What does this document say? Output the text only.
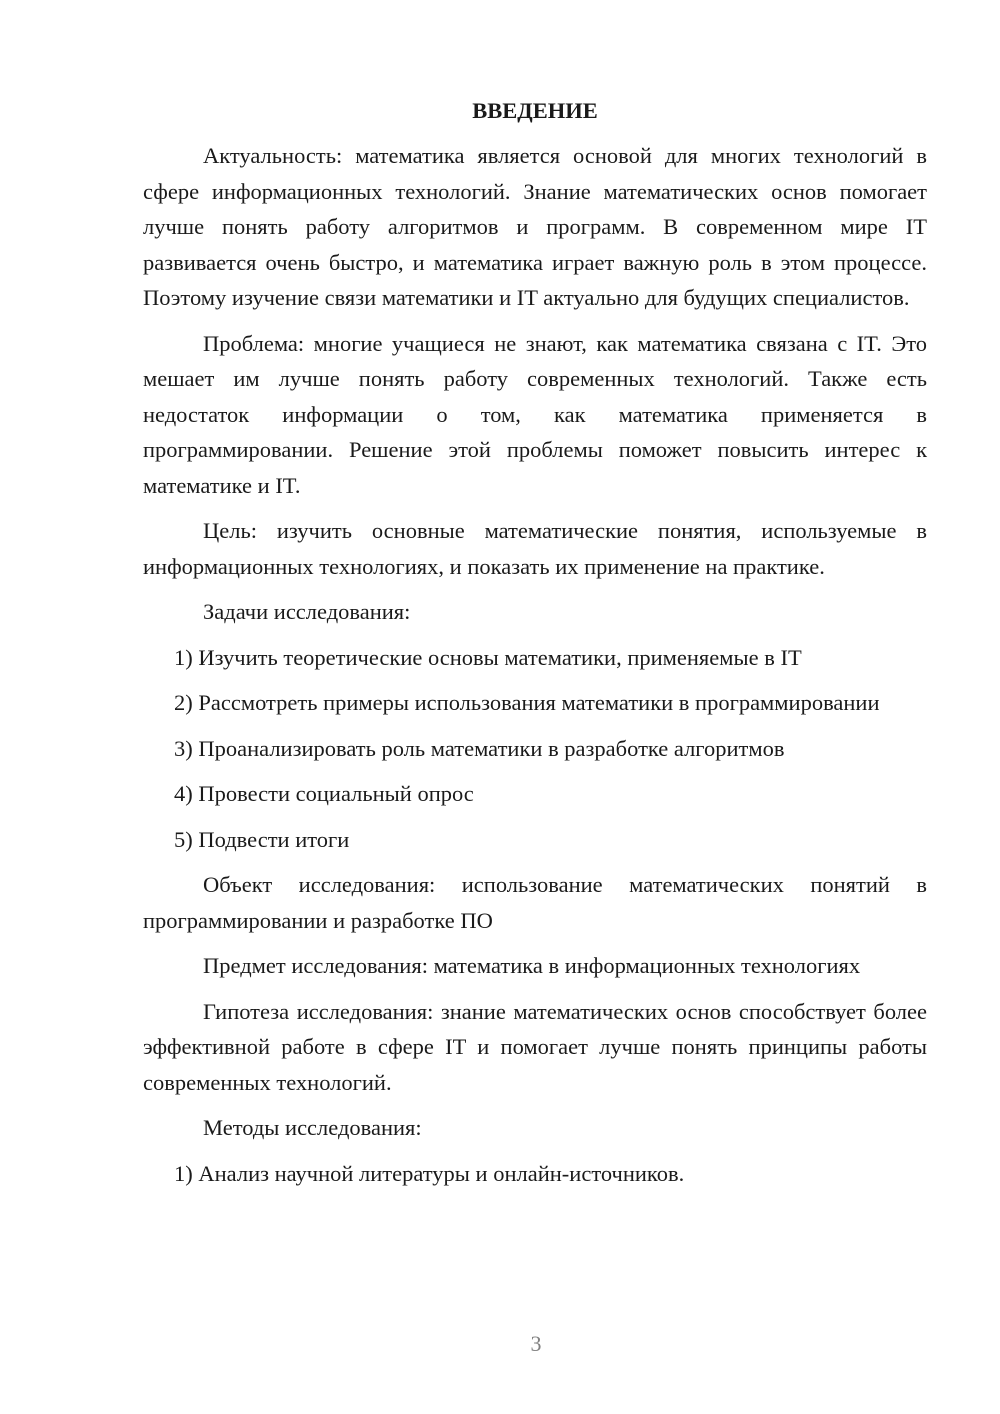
ВВЕДЕНИЕ

Актуальность: математика является основой для многих технологий в сфере информационных технологий. Знание математических основ помогает лучше понять работу алгоритмов и программ. В современном мире IT развивается очень быстро, и математика играет важную роль в этом процессе. Поэтому изучение связи математики и IT актуально для будущих специалистов.

Проблема: многие учащиеся не знают, как математика связана с IT. Это мешает им лучше понять работу современных технологий. Также есть недостаток информации о том, как математика применяется в программировании. Решение этой проблемы поможет повысить интерес к математике и IT.

Цель: изучить основные математические понятия, используемые в информационных технологиях, и показать их применение на практике.

Задачи исследования:

1) Изучить теоретические основы математики, применяемые в IT

2) Рассмотреть примеры использования математики в программировании

3) Проанализировать роль математики в разработке алгоритмов

4) Провести социальный опрос

5) Подвести итоги

Объект исследования: использование математических понятий в программировании и разработке ПО

Предмет исследования: математика в информационных технологиях

Гипотеза исследования: знание математических основ способствует более эффективной работе в сфере IT и помогает лучше понять принципы работы современных технологий.

Методы исследования:

1) Анализ научной литературы и онлайн-источников.

3
